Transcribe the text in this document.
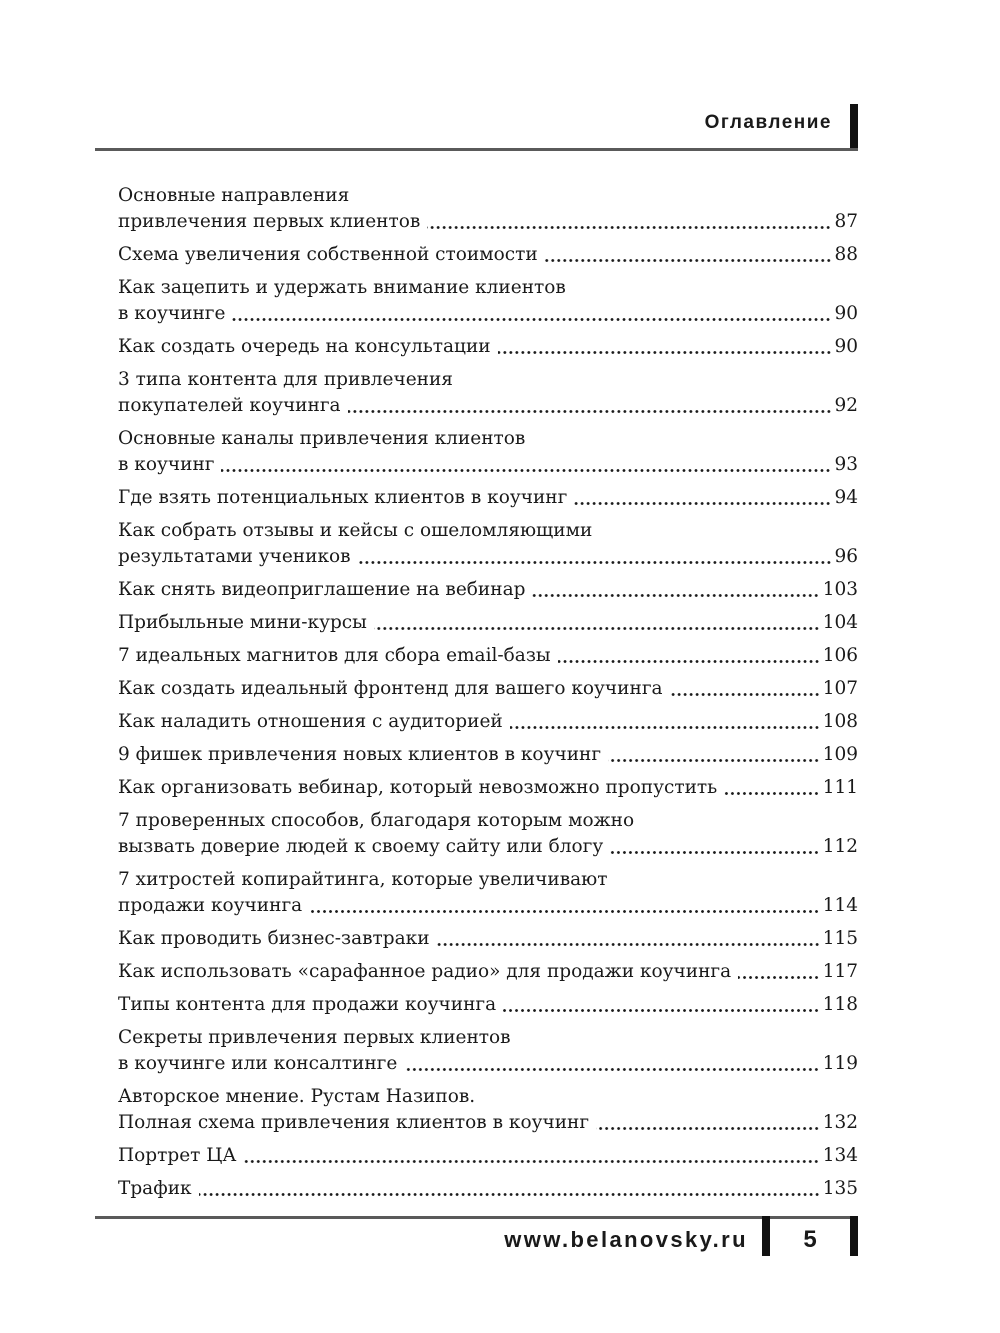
Оглавление
Основные направления
привлечения первых клиентов	87
Схема увеличения собственной стоимости	88
Как зацепить и удержать внимание клиентов
в коучинге	90
Как создать очередь на консультации	90
3 типа контента для привлечения
покупателей коучинга	92
Основные каналы привлечения клиентов
в коучинг	93
Где взять потенциальных клиентов в коучинг	94
Как собрать отзывы и кейсы с ошеломляющими
результатами учеников	96
Как снять видеоприглашение на вебинар	103
Прибыльные мини-курсы	104
7 идеальных магнитов для сбора email-базы	106
Как создать идеальный фронтенд для вашего коучинга	107
Как наладить отношения с аудиторией	108
9 фишек привлечения новых клиентов в коучинг	109
Как организовать вебинар, который невозможно пропустить	111
7 проверенных способов, благодаря которым можно
вызвать доверие людей к своему сайту или блогу	112
7 хитростей копирайтинга, которые увеличивают
продажи коучинга	114
Как проводить бизнес-завтраки	115
Как использовать «сарафанное радио» для продажи коучинга	117
Типы контента для продажи коучинга	118
Секреты привлечения первых клиентов
в коучинге или консалтинге	119
Авторское мнение. Рустам Назипов.
Полная схема привлечения клиентов в коучинг	132
Портрет ЦА	134
Трафик	135
www.belanovsky.ru	5
